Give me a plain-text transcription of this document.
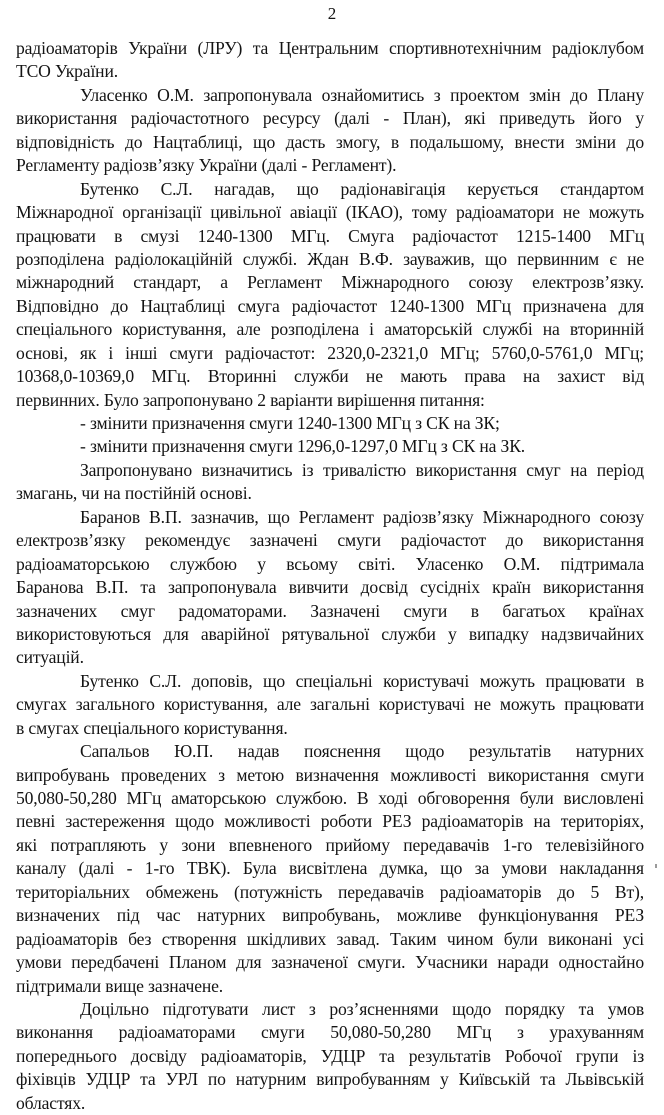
2
радіоаматорів України (ЛРУ) та Центральним спортивнотехнічним радіоклубом
ТСО України.
Уласенко О.М. запропонувала ознайомитись з проектом змін до Плану
використання радіочастотного ресурсу (далі - План), які приведуть його у
відповідність до Нацтаблиці, що дасть змогу, в подальшому, внести зміни до
Регламенту радіозв’язку України (далі - Регламент).
Бутенко С.Л. нагадав, що радіонавігація керується стандартом
Міжнародної організації цивільної авіації (ІКАО), тому радіоаматори не можуть
працювати в смузі 1240-1300 МГц. Смуга радіочастот 1215-1400 МГц
розподілена радіолокаційній службі. Ждан В.Ф. зауважив, що первинним є не
міжнародний стандарт, а Регламент Міжнародного союзу електрозв’язку.
Відповідно до Нацтаблиці смуга радіочастот 1240-1300 МГц призначена для
спеціального користування, але розподілена і аматорській службі на вторинній
основі, як і інші смуги радіочастот: 2320,0-2321,0 МГц; 5760,0-5761,0 МГц;
10368,0-10369,0 МГц. Вторинні служби не мають права на захист від
первинних. Було запропонувано 2 варіанти вирішення питання:
- змінити призначення смуги 1240-1300 МГц з СК на ЗК;
- змінити призначення смуги 1296,0-1297,0 МГц з СК на ЗК.
Запропонувано визначитись із тривалістю використання смуг на період
змагань, чи на постійній основі.
Баранов В.П. зазначив, що Регламент радіозв’язку Міжнародного союзу
електрозв’язку рекомендує зазначені смуги радіочастот до використання
радіоаматорською службою у всьому світі. Уласенко О.М. підтримала
Баранова В.П. та запропонувала вивчити досвід сусідніх країн використання
зазначених смуг радоматорами. Зазначені смуги в багатьох країнах
використовуються для аварійної рятувальної служби у випадку надзвичайних
ситуацій.
Бутенко С.Л. доповів, що спеціальні користувачі можуть працювати в
смугах загального користування, але загальні користувачі не можуть працювати
в смугах спеціального користування.
Сапальов Ю.П. надав пояснення щодо результатів натурних
випробувань проведених з метою визначення можливості використання смуги
50,080-50,280 МГц аматорською службою. В ході обговорення були висловлені
певні застереження щодо можливості роботи РЕЗ радіоаматорів на територіях,
які потрапляють у зони впевненого прийому передавачів 1-го телевізійного
каналу (далі - 1-го ТВК). Була висвітлена думка, що за умови накладання
територіальних обмежень (потужність передавачів радіоаматорів до 5 Вт),
визначених під час натурних випробувань, можливе функціонування РЕЗ
радіоаматорів без створення шкідливих завад. Таким чином були виконані усі
умови передбачені Планом для зазначеної смуги. Учасники наради одностайно
підтримали вище зазначене.
Доцільно підготувати лист з роз’ясненнями щодо порядку та умов
виконання радіоаматорами смуги 50,080-50,280 МГц з урахуванням
попереднього досвіду радіоаматорів, УДЦР та результатів Робочої групи із
фіхівців УДЦР та УРЛ по натурним випробуванням у Київській та Львівській
областях.
